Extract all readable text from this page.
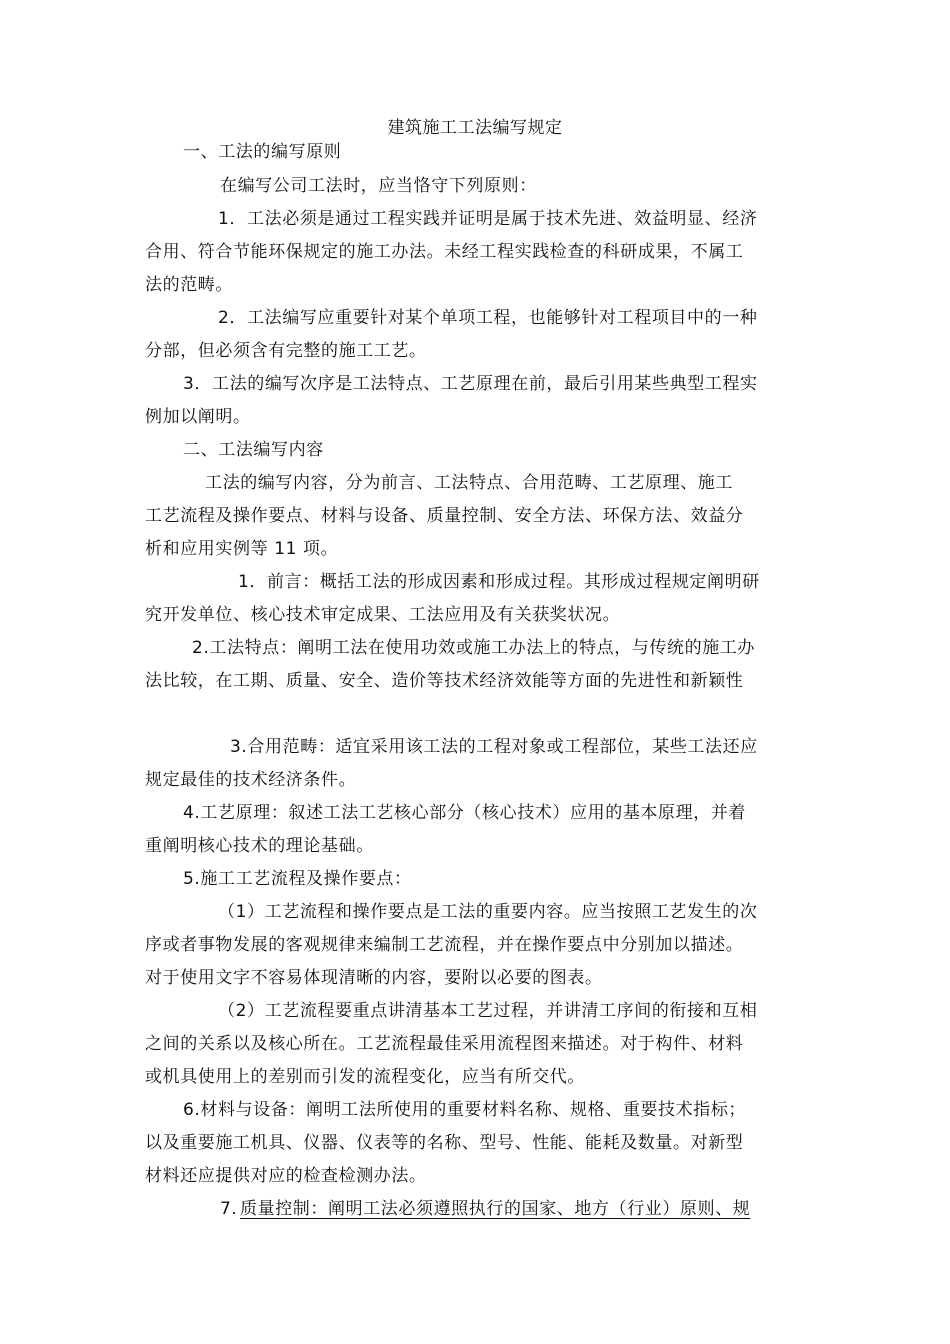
建筑施工工法编写规定
一、工法的编写原则
在编写公司工法时，应当恪守下列原则：
1．工法必须是通过工程实践并证明是属于技术先进、效益明显、经济
合用、符合节能环保规定的施工办法。未经工程实践检查的科研成果，不属工
法的范畴。
2．工法编写应重要针对某个单项工程，也能够针对工程项目中的一种
分部，但必须含有完整的施工工艺。
3．工法的编写次序是工法特点、工艺原理在前，最后引用某些典型工程实
例加以阐明。
二、工法编写内容
工法的编写内容，分为前言、工法特点、合用范畴、工艺原理、施工
工艺流程及操作要点、材料与设备、质量控制、安全方法、环保方法、效益分
析和应用实例等 11 项。
1．前言：概括工法的形成因素和形成过程。其形成过程规定阐明研
究开发单位、核心技术审定成果、工法应用及有关获奖状况。
2.工法特点：阐明工法在使用功效或施工办法上的特点，与传统的施工办
法比较，在工期、质量、安全、造价等技术经济效能等方面的先进性和新颖性
3.合用范畴：适宜采用该工法的工程对象或工程部位，某些工法还应
规定最佳的技术经济条件。
4.工艺原理：叙述工法工艺核心部分（核心技术）应用的基本原理，并着
重阐明核心技术的理论基础。
5.施工工艺流程及操作要点：
（1）工艺流程和操作要点是工法的重要内容。应当按照工艺发生的次
序或者事物发展的客观规律来编制工艺流程，并在操作要点中分别加以描述。
对于使用文字不容易体现清晰的内容，要附以必要的图表。
（2）工艺流程要重点讲清基本工艺过程，并讲清工序间的衔接和互相
之间的关系以及核心所在。工艺流程最佳采用流程图来描述。对于构件、材料
或机具使用上的差别而引发的流程变化，应当有所交代。
6.材料与设备：阐明工法所使用的重要材料名称、规格、重要技术指标；
以及重要施工机具、仪器、仪表等的名称、型号、性能、能耗及数量。对新型
材料还应提供对应的检查检测办法。
7. 质量控制：阐明工法必须遵照执行的国家、地方（行业）原则、规
